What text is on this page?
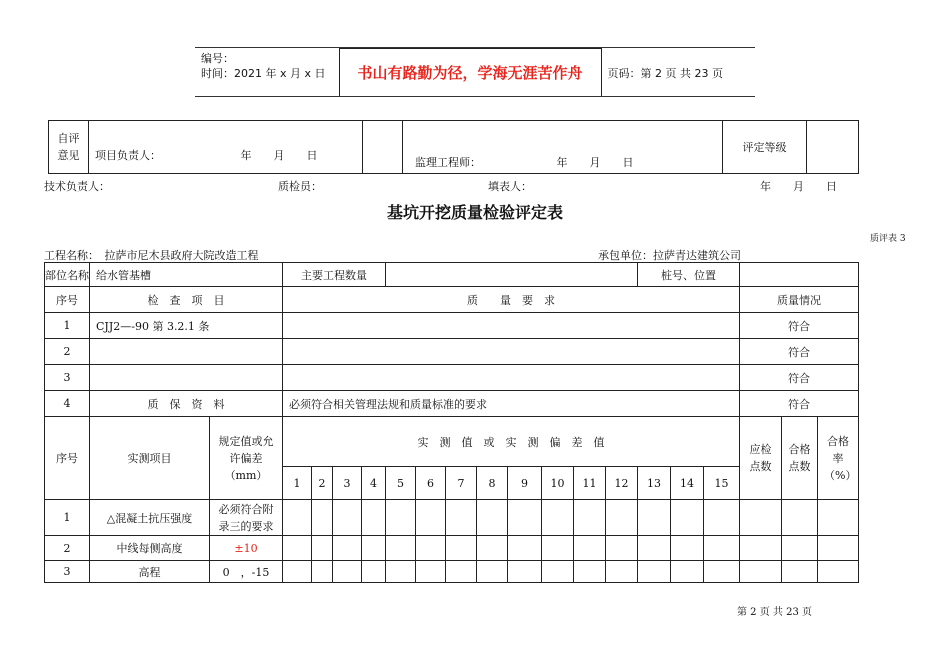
编号：
时间：2021 年 x 月 x 日	书山有路勤为径，学海无涯苦作舟	页码：第 2 页 共 23 页
自评意见	项目负责人：	年　　月　　日		监理工程师：	年　　月　　日	评定等级	
技术负责人：	质检员：	填表人：	年　　月　　日
基坑开挖质量检验评定表
质评表 3
工程名称：　拉萨市尼木县政府大院改造工程	承包单位：拉萨青达建筑公司
部位名称	给水管基槽		主要工程数量												桩号、位置					
序号	检　查　项　目		质　　量　要　求															质量情况		
1	CJJ2—-90 第 3.2.1 条																	符合		
2																		符合		
3																		符合		
4	质　保　资　料		必须符合相关管理法规和质量标准的要求															符合		
序号	实测项目	规定值或允许偏差（mm）	实　测　值　或　实　测　偏　差　值															应检点数	合格点数	合格率（%）
			1	2	3	4	5	6	7	8	9	10	11	12	13	14	15			
1	△混凝土抗压强度	必须符合附录三的要求																		
2	中线每侧高度	±10																		
3	高程	0　，-15																		
第 2 页 共 23 页
